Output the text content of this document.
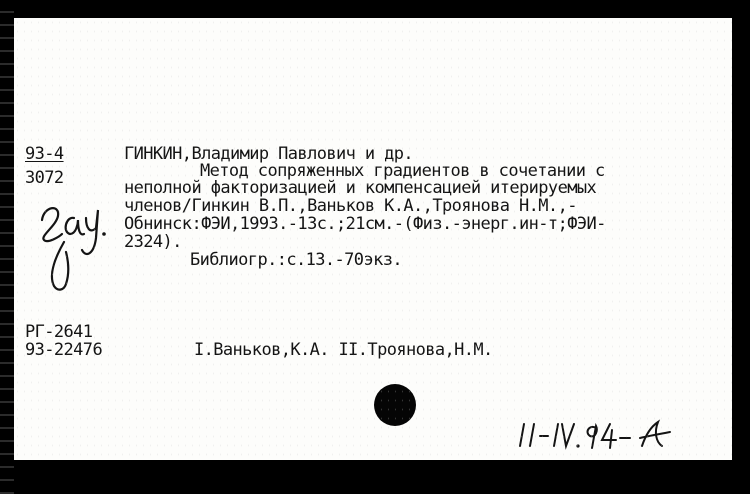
93-4
3072
ГИНКИН,Владимир Павлович и др.
Метод сопряженных градиентов в сочетании с
неполной факторизацией и компенсацией итерируемых
членов/Гинкин В.П.,Ваньков К.А.,Троянова Н.М.,-
Обнинск:ФЭИ,1993.-13с.;21см.-(Физ.-энерг.ин-т;ФЭИ-
2324).
Библиогр.:с.13.-70экз.
РГ-2641
93-22476	I.Ваньков,К.А. II.Троянова,Н.М.
